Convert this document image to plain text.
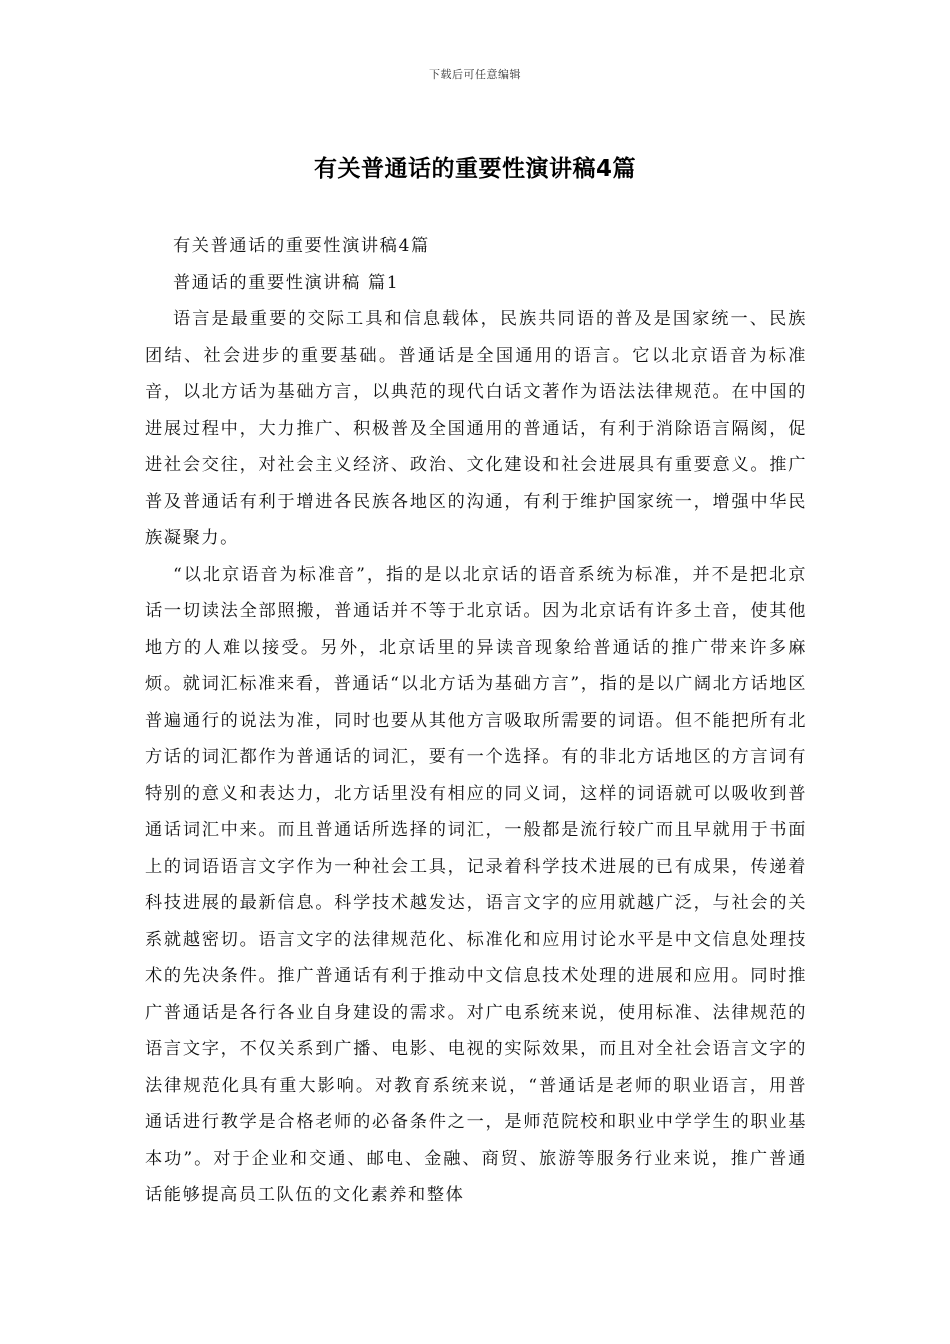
下载后可任意编辑
有关普通话的重要性演讲稿4篇

有关普通话的重要性演讲稿4篇

普通话的重要性演讲稿 篇1

语言是最重要的交际工具和信息载体，民族共同语的普及是国家统一、民族团结、社会进步的重要基础。普通话是全国通用的语言。它以北京语音为标准音，以北方话为基础方言，以典范的现代白话文著作为语法法律规范。在中国的进展过程中，大力推广、积极普及全国通用的普通话，有利于消除语言隔阂，促进社会交往，对社会主义经济、政治、文化建设和社会进展具有重要意义。推广普及普通话有利于增进各民族各地区的沟通，有利于维护国家统一，增强中华民族凝聚力。

“以北京语音为标准音”，指的是以北京话的语音系统为标准，并不是把北京话一切读法全部照搬，普通话并不等于北京话。因为北京话有许多土音，使其他地方的人难以接受。另外，北京话里的异读音现象给普通话的推广带来许多麻烦。就词汇标准来看，普通话“以北方话为基础方言”，指的是以广阔北方话地区普遍通行的说法为准，同时也要从其他方言吸取所需要的词语。但不能把所有北方话的词汇都作为普通话的词汇，要有一个选择。有的非北方话地区的方言词有特别的意义和表达力，北方话里没有相应的同义词，这样的词语就可以吸收到普通话词汇中来。而且普通话所选择的词汇，一般都是流行较广而且早就用于书面上的词语语言文字作为一种社会工具，记录着科学技术进展的已有成果，传递着科技进展的最新信息。科学技术越发达，语言文字的应用就越广泛，与社会的关系就越密切。语言文字的法律规范化、标准化和应用讨论水平是中文信息处理技术的先决条件。推广普通话有利于推动中文信息技术处理的进展和应用。同时推广普通话是各行各业自身建设的需求。对广电系统来说，使用标准、法律规范的语言文字，不仅关系到广播、电影、电视的实际效果，而且对全社会语言文字的法律规范化具有重大影响。对教育系统来说，“普通话是老师的职业语言，用普通话进行教学是合格老师的必备条件之一，是师范院校和职业中学学生的职业基本功”。对于企业和交通、邮电、金融、商贸、旅游等服务行业来说，推广普通话能够提高员工队伍的文化素养和整体
